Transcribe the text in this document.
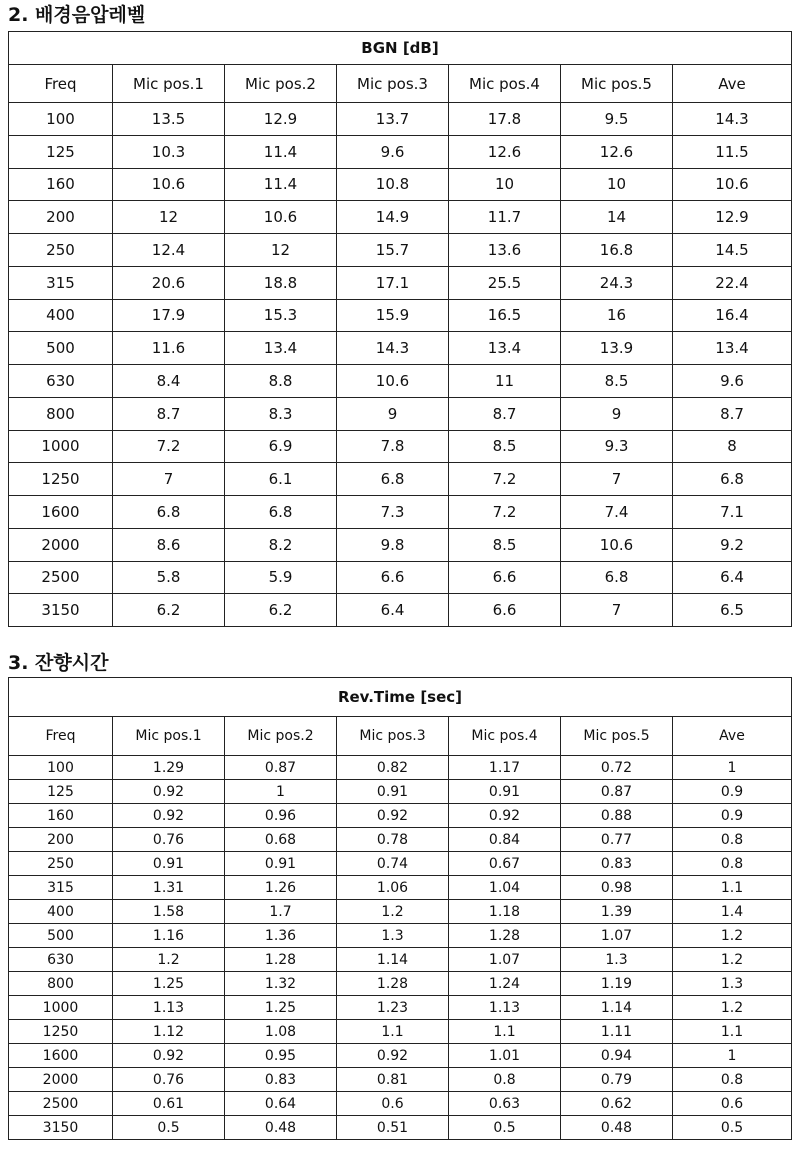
2. 배경음압레벨
BGN [dB]						
Freq	Mic pos.1	Mic pos.2	Mic pos.3	Mic pos.4	Mic pos.5	Ave
100	13.5	12.9	13.7	17.8	9.5	14.3
125	10.3	11.4	9.6	12.6	12.6	11.5
160	10.6	11.4	10.8	10	10	10.6
200	12	10.6	14.9	11.7	14	12.9
250	12.4	12	15.7	13.6	16.8	14.5
315	20.6	18.8	17.1	25.5	24.3	22.4
400	17.9	15.3	15.9	16.5	16	16.4
500	11.6	13.4	14.3	13.4	13.9	13.4
630	8.4	8.8	10.6	11	8.5	9.6
800	8.7	8.3	9	8.7	9	8.7
1000	7.2	6.9	7.8	8.5	9.3	8
1250	7	6.1	6.8	7.2	7	6.8
1600	6.8	6.8	7.3	7.2	7.4	7.1
2000	8.6	8.2	9.8	8.5	10.6	9.2
2500	5.8	5.9	6.6	6.6	6.8	6.4
3150	6.2	6.2	6.4	6.6	7	6.5
3. 잔향시간
Rev.Time [sec]						
Freq	Mic pos.1	Mic pos.2	Mic pos.3	Mic pos.4	Mic pos.5	Ave
100	1.29	0.87	0.82	1.17	0.72	1
125	0.92	1	0.91	0.91	0.87	0.9
160	0.92	0.96	0.92	0.92	0.88	0.9
200	0.76	0.68	0.78	0.84	0.77	0.8
250	0.91	0.91	0.74	0.67	0.83	0.8
315	1.31	1.26	1.06	1.04	0.98	1.1
400	1.58	1.7	1.2	1.18	1.39	1.4
500	1.16	1.36	1.3	1.28	1.07	1.2
630	1.2	1.28	1.14	1.07	1.3	1.2
800	1.25	1.32	1.28	1.24	1.19	1.3
1000	1.13	1.25	1.23	1.13	1.14	1.2
1250	1.12	1.08	1.1	1.1	1.11	1.1
1600	0.92	0.95	0.92	1.01	0.94	1
2000	0.76	0.83	0.81	0.8	0.79	0.8
2500	0.61	0.64	0.6	0.63	0.62	0.6
3150	0.5	0.48	0.51	0.5	0.48	0.5
